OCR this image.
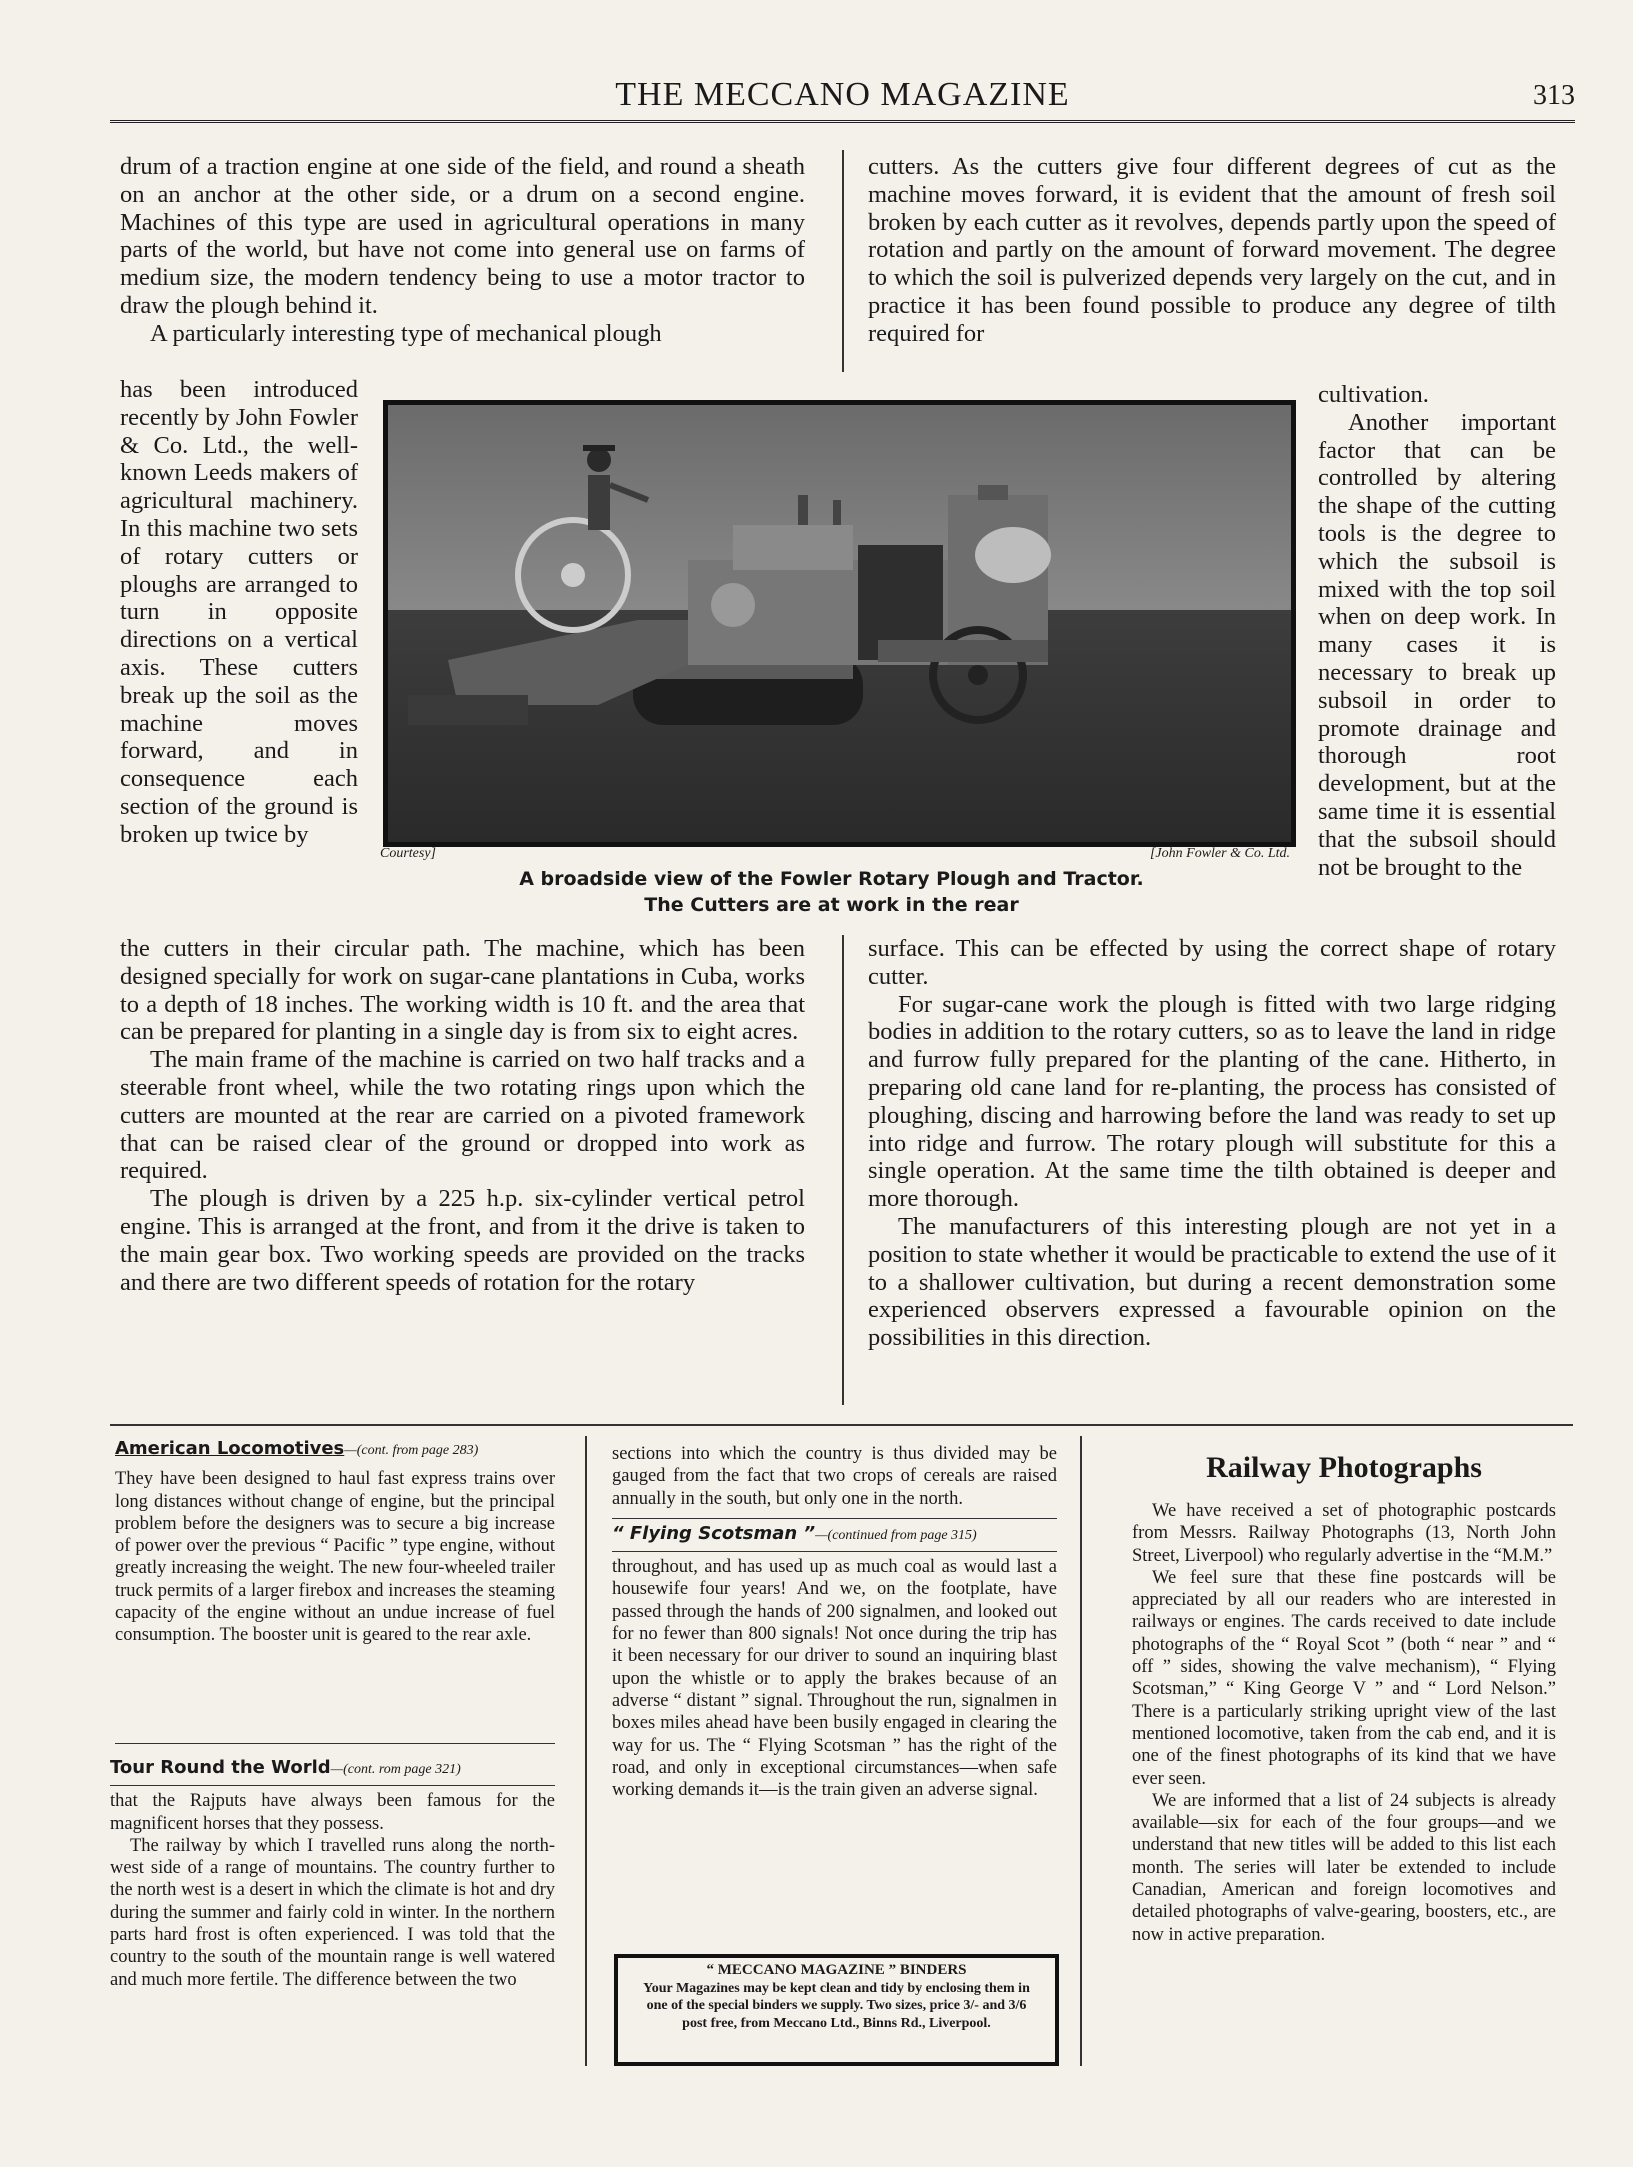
THE MECCANO MAGAZINE	313

drum of a traction engine at one side of the field, and round a sheath on an anchor at the other side, or a drum on a second engine. Machines of this type are used in agricultural operations in many parts of the world, but have not come into general use on farms of medium size, the modern tendency being to use a motor tractor to draw the plough behind it.

A particularly interesting type of mechanical plough

has been introduced recently by John Fowler & Co. Ltd., the well-known Leeds makers of agricultural machinery. In this machine two sets of rotary cutters or ploughs are arranged to turn in opposite directions on a vertical axis. These cutters break up the soil as the machine moves forward, and in consequence each section of the ground is broken up twice by

the cutters in their circular path. The machine, which has been designed specially for work on sugar-cane plantations in Cuba, works to a depth of 18 inches. The working width is 10 ft. and the area that can be prepared for planting in a single day is from six to eight acres.

The main frame of the machine is carried on two half tracks and a steerable front wheel, while the two rotating rings upon which the cutters are mounted at the rear are carried on a pivoted framework that can be raised clear of the ground or dropped into work as required.

The plough is driven by a 225 h.p. six-cylinder vertical petrol engine. This is arranged at the front, and from it the drive is taken to the main gear box. Two working speeds are provided on the tracks and there are two different speeds of rotation for the rotary

cutters. As the cutters give four different degrees of cut as the machine moves forward, it is evident that the amount of fresh soil broken by each cutter as it revolves, depends partly upon the speed of rotation and partly on the amount of forward movement. The degree to which the soil is pulverized depends very largely on the cut, and in practice it has been found possible to produce any degree of tilth required for

cultivation.
Another important factor that can be controlled by altering the shape of the cutting tools is the degree to which the subsoil is mixed with the top soil when on deep work. In many cases it is necessary to break up subsoil in order to promote drainage and thorough root development, but at the same time it is essential that the subsoil should not be brought to the

surface. This can be effected by using the correct shape of rotary cutter.

For sugar-cane work the plough is fitted with two large ridging bodies in addition to the rotary cutters, so as to leave the land in ridge and furrow fully prepared for the planting of the cane. Hitherto, in preparing old cane land for re-planting, the process has consisted of ploughing, discing and harrowing before the land was ready to set up into ridge and furrow. The rotary plough will substitute for this a single operation. At the same time the tilth obtained is deeper and more thorough.

The manufacturers of this interesting plough are not yet in a position to state whether it would be practicable to extend the use of it to a shallower cultivation, but during a recent demonstration some experienced observers expressed a favourable opinion on the possibilities in this direction.

Courtesy]	[John Fowler & Co. Ltd.
A broadside view of the Fowler Rotary Plough and Tractor.
The Cutters are at work in the rear
American Locomotives—(cont. from page 283)

They have been designed to haul fast express trains over long distances without change of engine, but the principal problem before the designers was to secure a big increase of power over the previous “ Pacific ” type engine, without greatly increasing the weight. The new four-wheeled trailer truck permits of a larger firebox and increases the steaming capacity of the engine without an undue increase of fuel consumption. The booster unit is geared to the rear axle.

Tour Round the World—(cont. rom page 321)

that the Rajputs have always been famous for the magnificent horses that they possess.

The railway by which I travelled runs along the north-west side of a range of mountains. The country further to the north west is a desert in which the climate is hot and dry during the summer and fairly cold in winter. In the northern parts hard frost is often experienced. I was told that the country to the south of the mountain range is well watered and much more fertile. The difference between the two

sections into which the country is thus divided may be gauged from the fact that two crops of cereals are raised annually in the south, but only one in the north.

“ Flying Scotsman ”—(continued from page 315)

throughout, and has used up as much coal as would last a housewife four years! And we, on the footplate, have passed through the hands of 200 signalmen, and looked out for no fewer than 800 signals! Not once during the trip has it been necessary for our driver to sound an inquiring blast upon the whistle or to apply the brakes because of an adverse “ distant ” signal. Throughout the run, signalmen in boxes miles ahead have been busily engaged in clearing the way for us. The “ Flying Scotsman ” has the right of the road, and only in exceptional circumstances—when safe working demands it—is the train given an adverse signal.

“ MECCANO MAGAZINE ” BINDERS
Your Magazines may be kept clean and tidy by enclosing them in one of the special binders we supply. Two sizes, price 3/- and 3/6 post free, from Meccano Ltd., Binns Rd., Liverpool.
Railway Photographs

We have received a set of photographic postcards from Messrs. Railway Photographs (13, North John Street, Liverpool) who regularly advertise in the “M.M.”

We feel sure that these fine postcards will be appreciated by all our readers who are interested in railways or engines. The cards received to date include photographs of the “ Royal Scot ” (both “ near ” and “ off ” sides, showing the valve mechanism), “ Flying Scotsman,” “ King George V ” and “ Lord Nelson.” There is a particularly striking upright view of the last mentioned locomotive, taken from the cab end, and it is one of the finest photographs of its kind that we have ever seen.

We are informed that a list of 24 subjects is already available—six for each of the four groups—and we understand that new titles will be added to this list each month. The series will later be extended to include Canadian, American and foreign locomotives and detailed photographs of valve-gearing, boosters, etc., are now in active preparation.
